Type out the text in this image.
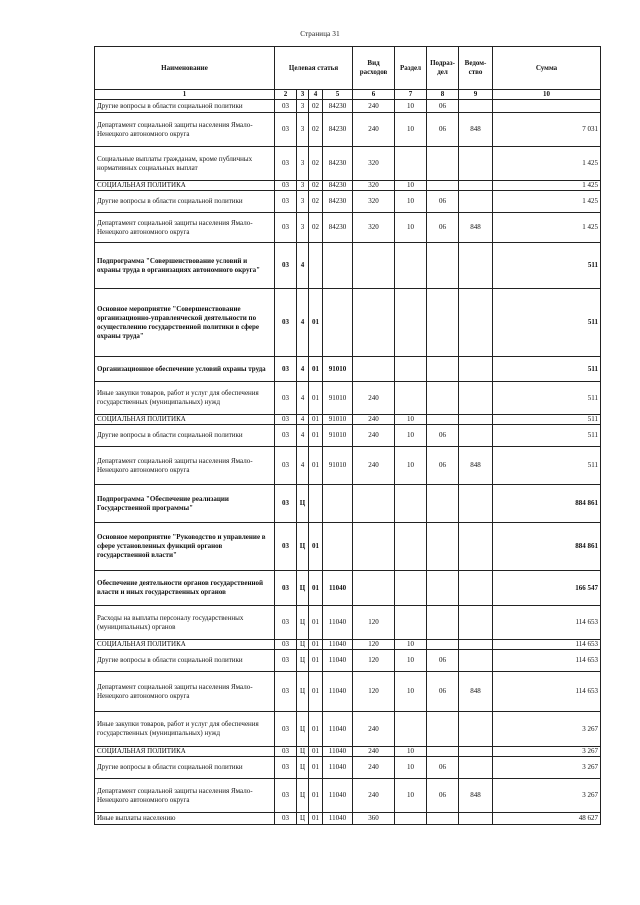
Страница 31
Наименование	Целевая статья				Вид расходов	Раздел	Подраз-дел	Ведом-ство	Сумма
1	2	3	4	5	6	7	8	9	10
Другие вопросы в области социальной политики	03	3	02	84230	240	10	06		
Департамент социальной защиты населения Ямало-Ненецкого автономного округа	03	3	02	84230	240	10	06	848	7 031
Социальные выплаты гражданам, кроме публичных нормативных социальных выплат	03	3	02	84230	320				1 425
СОЦИАЛЬНАЯ ПОЛИТИКА	03	3	02	84230	320	10			1 425
Другие вопросы в области социальной политики	03	3	02	84230	320	10	06		1 425
Департамент социальной защиты населения Ямало-Ненецкого автономного округа	03	3	02	84230	320	10	06	848	1 425
Подпрограмма "Совершенствование условий и охраны труда в организациях автономного округа"	03	4							511
Основное мероприятие "Совершенствование организационно-управленческой деятельности по осуществлению государственной политики в сфере охраны труда"	03	4	01						511
Организационное обеспечение условий охраны труда	03	4	01	91010					511
Иные закупки товаров, работ и услуг для обеспечения государственных (муниципальных) нужд	03	4	01	91010	240				511
СОЦИАЛЬНАЯ ПОЛИТИКА	03	4	01	91010	240	10			511
Другие вопросы в области социальной политики	03	4	01	91010	240	10	06		511
Департамент социальной защиты населения Ямало-Ненецкого автономного округа	03	4	01	91010	240	10	06	848	511
Подпрограмма "Обеспечение реализации Государственной программы"	03	Ц							884 861
Основное мероприятие "Руководство и управление в сфере установленных функций органов государственной власти"	03	Ц	01						884 861
Обеспечение деятельности органов государственной власти и иных государственных органов	03	Ц	01	11040					166 547
Расходы на выплаты персоналу государственных (муниципальных) органов	03	Ц	01	11040	120				114 653
СОЦИАЛЬНАЯ ПОЛИТИКА	03	Ц	01	11040	120	10			114 653
Другие вопросы в области социальной политики	03	Ц	01	11040	120	10	06		114 653
Департамент социальной защиты населения Ямало-Ненецкого автономного округа	03	Ц	01	11040	120	10	06	848	114 653
Иные закупки товаров, работ и услуг для обеспечения государственных (муниципальных) нужд	03	Ц	01	11040	240				3 267
СОЦИАЛЬНАЯ ПОЛИТИКА	03	Ц	01	11040	240	10			3 267
Другие вопросы в области социальной политики	03	Ц	01	11040	240	10	06		3 267
Департамент социальной защиты населения Ямало-Ненецкого автономного округа	03	Ц	01	11040	240	10	06	848	3 267
Иные выплаты населению	03	Ц	01	11040	360				48 627
